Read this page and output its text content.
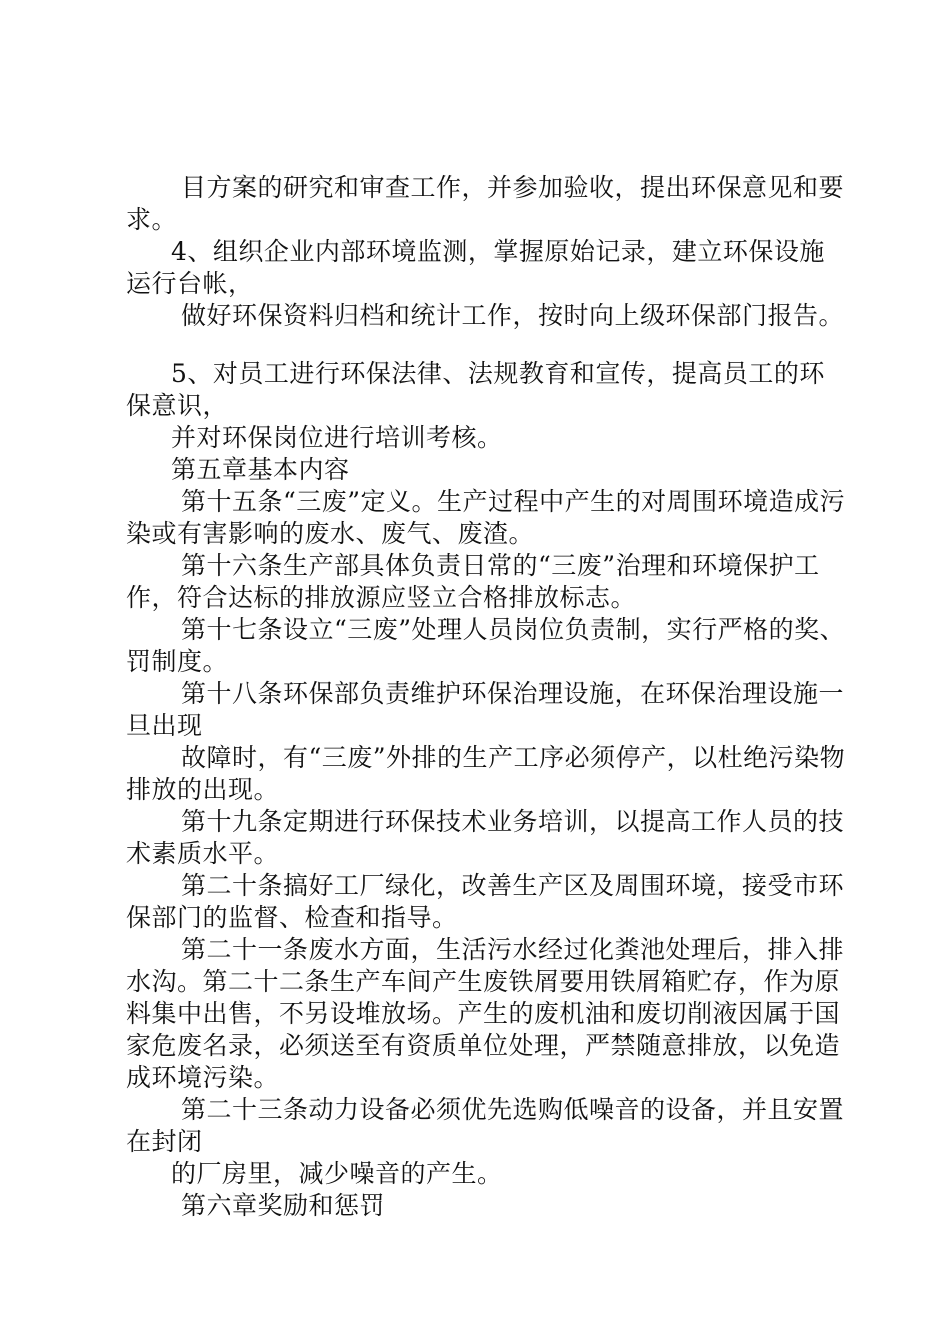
目方案的研究和审查工作，并参加验收，提出环保意见和要求。

4、组织企业内部环境监测，掌握原始记录，建立环保设施运行台帐，

做好环保资料归档和统计工作，按时向上级环保部门报告。

5、对员工进行环保法律、法规教育和宣传，提高员工的环保意识，

并对环保岗位进行培训考核。

第五章基本内容

第十五条“三废”定义。生产过程中产生的对周围环境造成污染或有害影响的废水、废气、废渣。

第十六条生产部具体负责日常的“三废”治理和环境保护工作，符合达标的排放源应竖立合格排放标志。

第十七条设立“三废”处理人员岗位负责制，实行严格的奖、罚制度。

第十八条环保部负责维护环保治理设施，在环保治理设施一旦出现

故障时，有“三废”外排的生产工序必须停产，以杜绝污染物排放的出现。

第十九条定期进行环保技术业务培训，以提高工作人员的技术素质水平。

第二十条搞好工厂绿化，改善生产区及周围环境，接受市环保部门的监督、检查和指导。

第二十一条废水方面，生活污水经过化粪池处理后，排入排水沟。第二十二条生产车间产生废铁屑要用铁屑箱贮存，作为原料集中出售，不另设堆放场。产生的废机油和废切削液因属于国家危废名录，必须送至有资质单位处理，严禁随意排放，以免造成环境污染。

第二十三条动力设备必须优先选购低噪音的设备，并且安置在封闭

的厂房里，减少噪音的产生。

第六章奖励和惩罚
